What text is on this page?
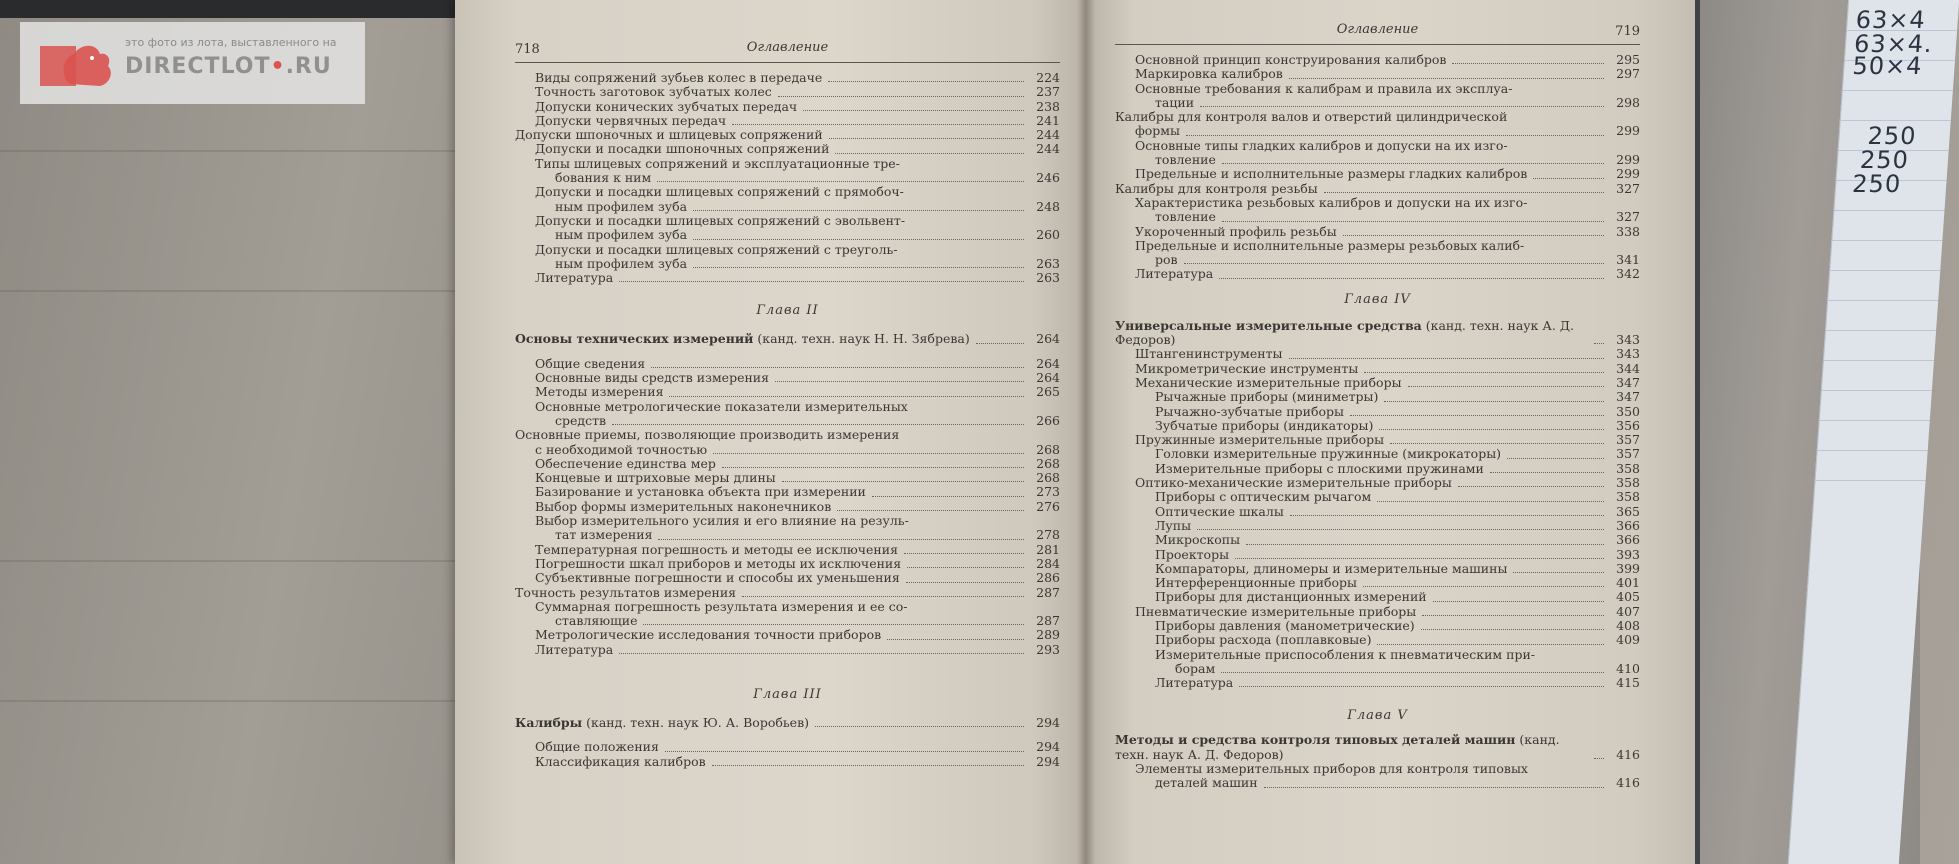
63×4
63×4.
50×4
250
250
250
718	Оглавление
Виды сопряжений зубьев колес в передаче	224
Точность заготовок зубчатых колес	237
Допуски конических зубчатых передач	238
Допуски червячных передач	241
Допуски шпоночных и шлицевых сопряжений	244
Допуски и посадки шпоночных сопряжений	244
Типы шлицевых сопряжений и эксплуатационные тре-
бования к ним	246
Допуски и посадки шлицевых сопряжений с прямобоч-
ным профилем зуба	248
Допуски и посадки шлицевых сопряжений с эвольвент-
ным профилем зуба	260
Допуски и посадки шлицевых сопряжений с треуголь-
ным профилем зуба	263
Литература	263
Глава II
Основы технических измерений (канд. техн. наук Н. Н. Зябрева)	264
Общие сведения	264
Основные виды средств измерения	264
Методы измерения	265
Основные метрологические показатели измерительных
средств	266
Основные приемы, позволяющие производить измерения
с необходимой точностью	268
Обеспечение единства мер	268
Концевые и штриховые меры длины	268
Базирование и установка объекта при измерении	273
Выбор формы измерительных наконечников	276
Выбор измерительного усилия и его влияние на резуль-
тат измерения	278
Температурная погрешность и методы ее исключения	281
Погрешности шкал приборов и методы их исключения	284
Субъективные погрешности и способы их уменьшения	286
Точность результатов измерения	287
Суммарная погрешность результата измерения и ее со-
ставляющие	287
Метрологические исследования точности приборов	289
Литература	293
Глава III
Калибры (канд. техн. наук Ю. А. Воробьев)	294
Общие положения	294
Классификация калибров	294
Оглавление	719
Основной принцип конструирования калибров	295
Маркировка калибров	297
Основные требования к калибрам и правила их эксплуа-
тации	298
Калибры для контроля валов и отверстий цилиндрической
формы	299
Основные типы гладких калибров и допуски на их изго-
товление	299
Предельные и исполнительные размеры гладких калибров	299
Калибры для контроля резьбы	327
Характеристика резьбовых калибров и допуски на их изго-
товление	327
Укороченный профиль резьбы	338
Предельные и исполнительные размеры резьбовых калиб-
ров	341
Литература	342
Глава IV
Универсальные измерительные средства (канд. техн. наук А. Д. Федоров)	343
Штангенинструменты	343
Микрометрические инструменты	344
Механические измерительные приборы	347
Рычажные приборы (миниметры)	347
Рычажно-зубчатые приборы	350
Зубчатые приборы (индикаторы)	356
Пружинные измерительные приборы	357
Головки измерительные пружинные (микрокаторы)	357
Измерительные приборы с плоскими пружинами	358
Оптико-механические измерительные приборы	358
Приборы с оптическим рычагом	358
Оптические шкалы	365
Лупы	366
Микроскопы	366
Проекторы	393
Компараторы, длиномеры и измерительные машины	399
Интерференционные приборы	401
Приборы для дистанционных измерений	405
Пневматические измерительные приборы	407
Приборы давления (манометрические)	408
Приборы расхода (поплавковые)	409
Измерительные приспособления к пневматическим при-
борам	410
Литература	415
Глава V
Методы и средства контроля типовых деталей машин (канд. техн. наук А. Д. Федоров)	416
Элементы измерительных приборов для контроля типовых
деталей машин	416
это фото из лота, выставленного на
DIRECTLOT•.RU
